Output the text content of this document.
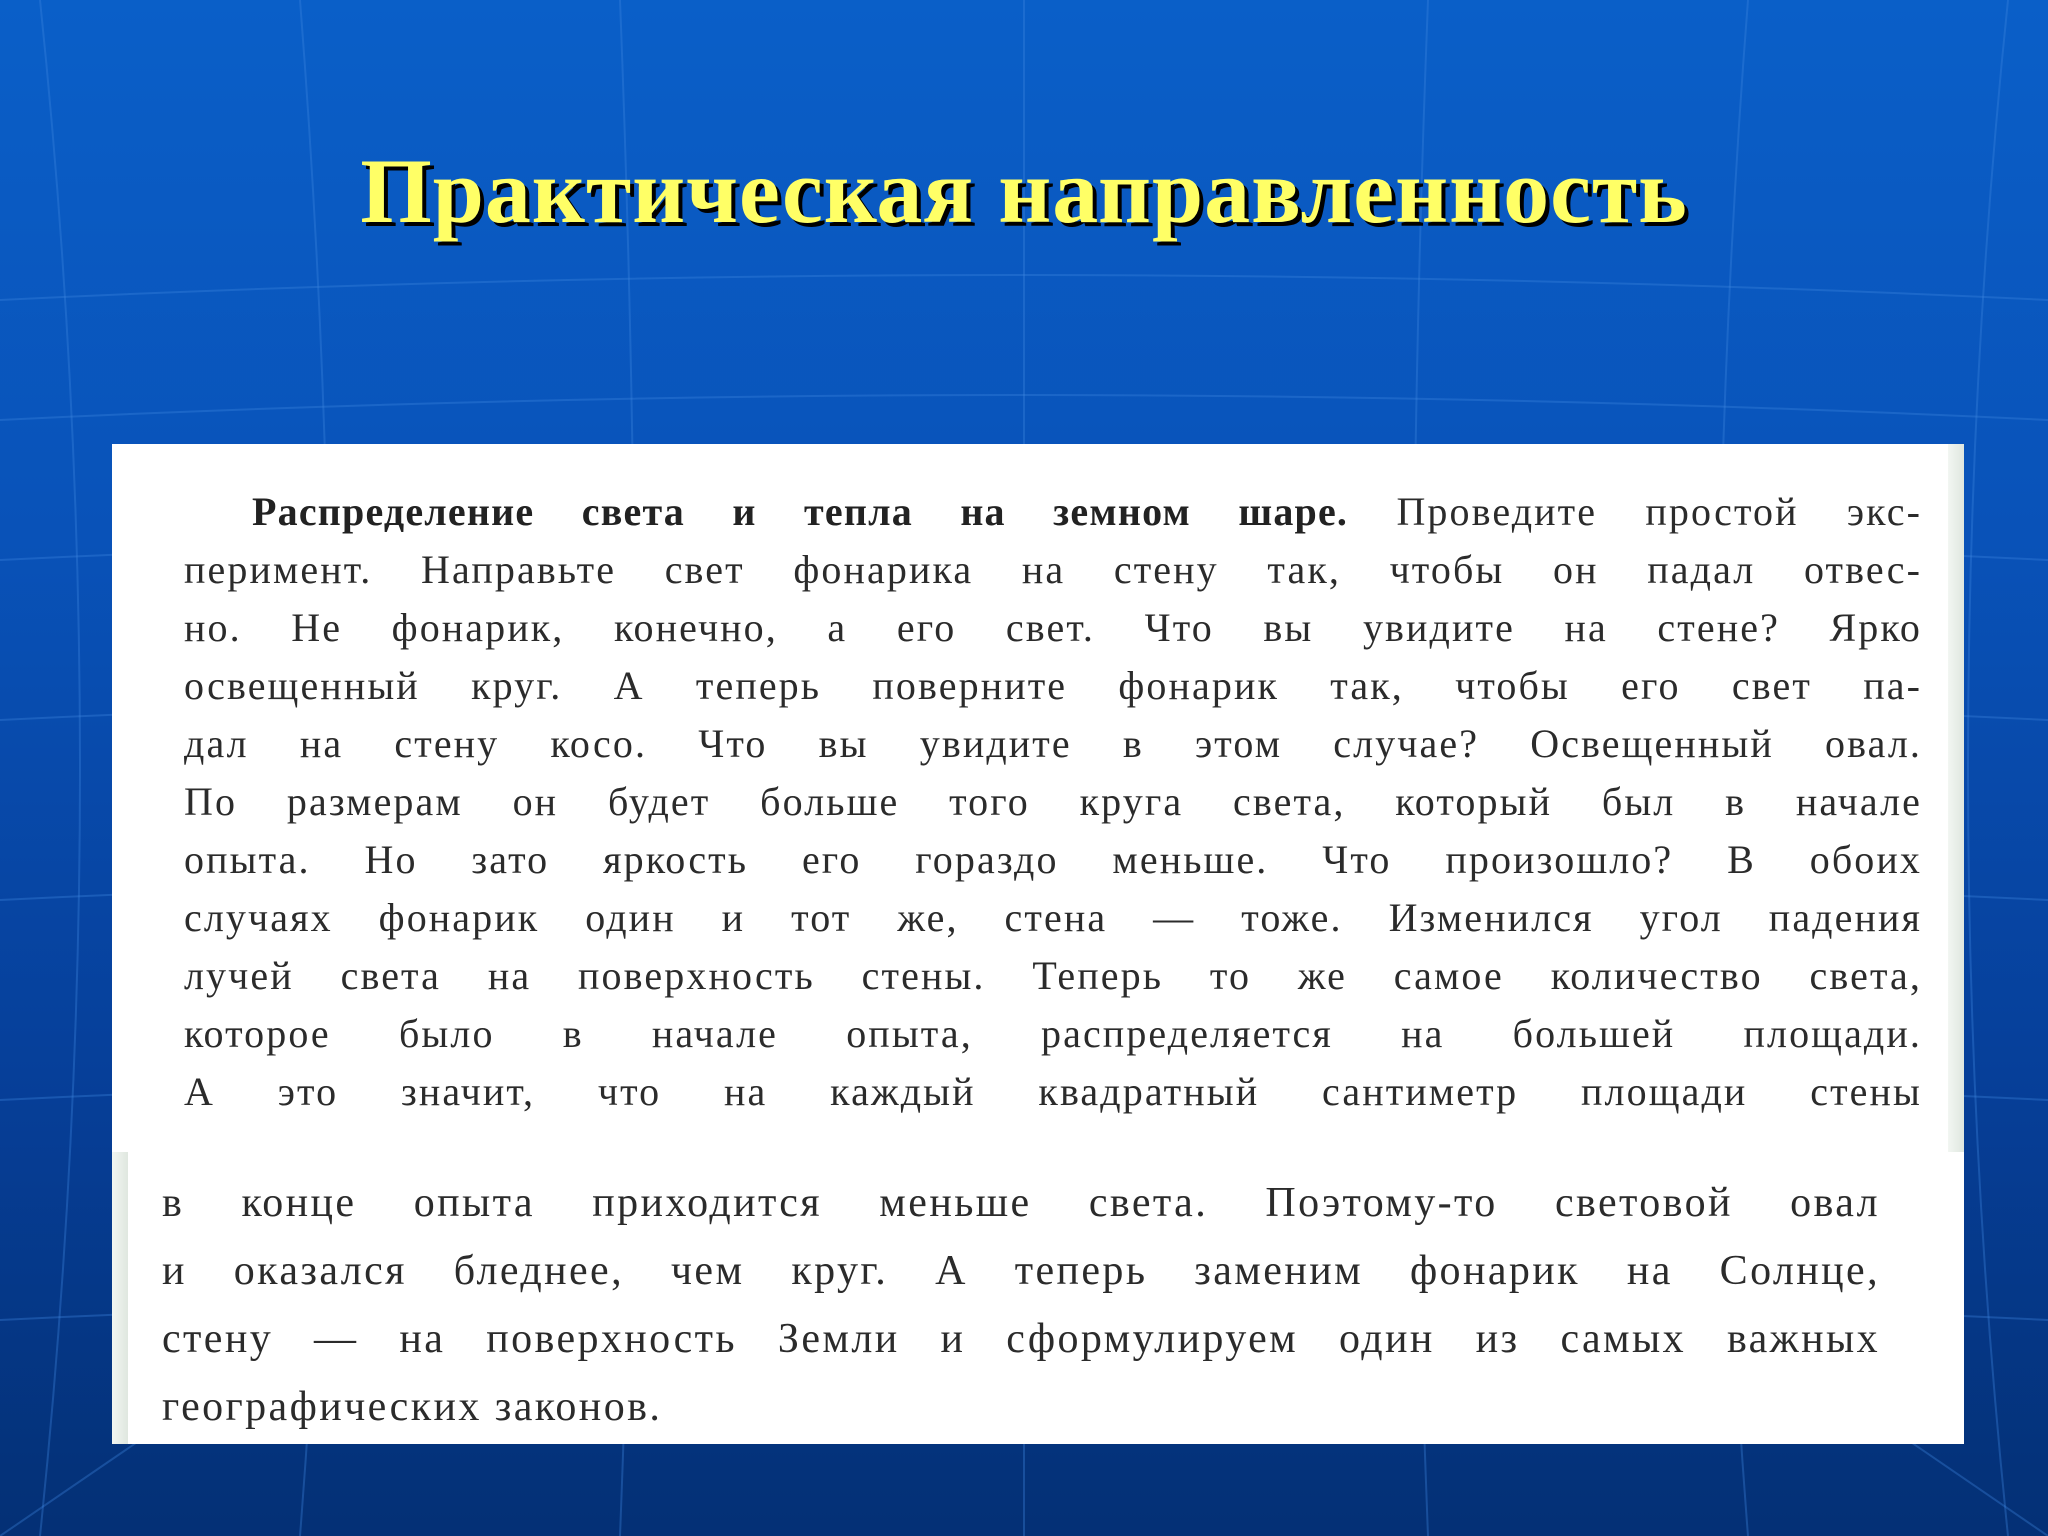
Практическая направленность

Распределение света и тепла на земном шаре. Проведите простой экс-

перимент. Направьте свет фонарика на стену так, чтобы он падал отвес-

но. Не фонарик, конечно, а его свет. Что вы увидите на стене? Ярко

освещенный круг. А теперь поверните фонарик так, чтобы его свет па-

дал на стену косо. Что вы увидите в этом случае? Освещенный овал.

По размерам он будет больше того круга света, который был в начале

опыта. Но зато яркость его гораздо меньше. Что произошло? В обоих

случаях фонарик один и тот же, стена — тоже. Изменился угол падения

лучей света на поверхность стены. Теперь то же самое количество света,

которое было в начале опыта, распределяется на большей площади.

А это значит, что на каждый квадратный сантиметр площади стены

в конце опыта приходится меньше света. Поэтому-то световой овал

и оказался бледнее, чем круг. А теперь заменим фонарик на Солнце,

стену — на поверхность Земли и сформулируем один из самых важных

географических законов.
